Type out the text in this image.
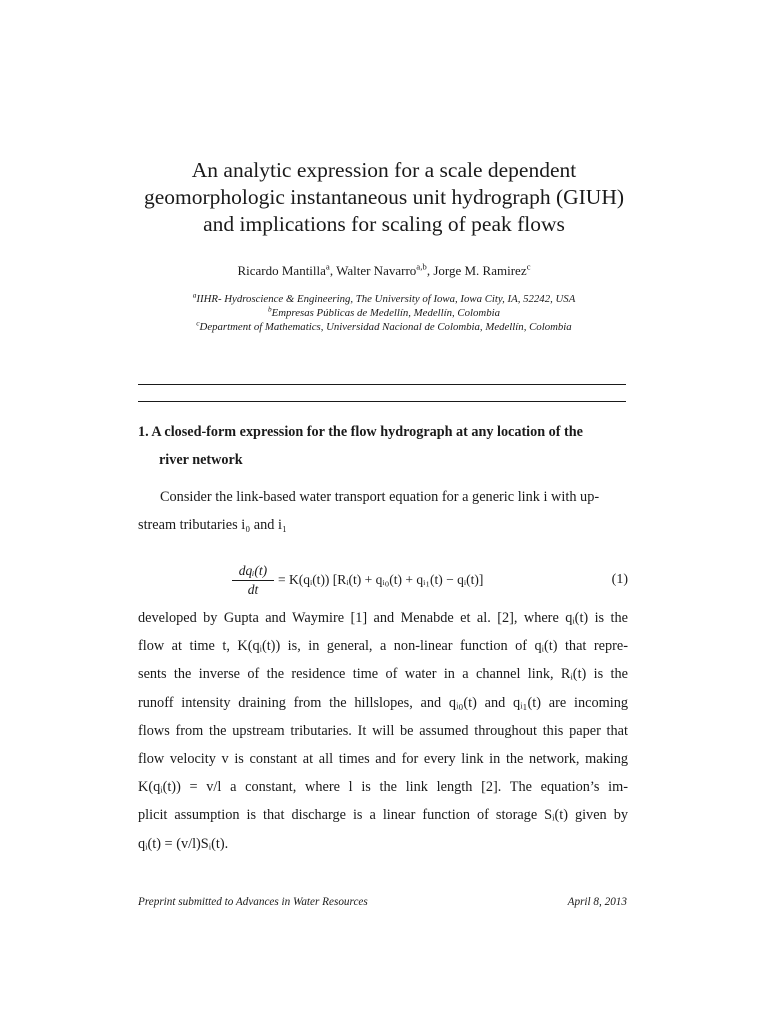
An analytic expression for a scale dependent
geomorphologic instantaneous unit hydrograph (GIUH)
and implications for scaling of peak flows
Ricardo Mantilla$^a$, Walter Navarro$^{a,b}$, Jorge M. Ramirez$^c$
$^a$IIHR- Hydroscience & Engineering, The University of Iowa, Iowa City, IA, 52242, USA
$^b$Empresas Públicas de Medellín, Medellín, Colombia
$^c$Department of Mathematics, Universidad Nacional de Colombia, Medellín, Colombia
1. A closed-form expression for the flow hydrograph at any location of the
river network
Consider the link-based water transport equation for a generic link i with up-
stream tributaries i₀ and i₁
dqᵢ(t)
dt
= K(qᵢ(t)) [Rᵢ(t) + qᵢ₀(t) + qᵢ₁(t) − qᵢ(t)]	(1)
developed by Gupta and Waymire [1] and Menabde et al. [2], where qᵢ(t) is the
flow at time t, K(qᵢ(t)) is, in general, a non-linear function of qᵢ(t) that repre-
sents the inverse of the residence time of water in a channel link, Rᵢ(t) is the
runoff intensity draining from the hillslopes, and qᵢ₀(t) and qᵢ₁(t) are incoming
flows from the upstream tributaries. It will be assumed throughout this paper that
flow velocity v is constant at all times and for every link in the network, making
K(qᵢ(t)) = v/l a constant, where l is the link length [2]. The equation’s im-
plicit assumption is that discharge is a linear function of storage Sᵢ(t) given by
qᵢ(t) = (v/l)Sᵢ(t).
Preprint submitted to Advances in Water Resources	April 8, 2013
